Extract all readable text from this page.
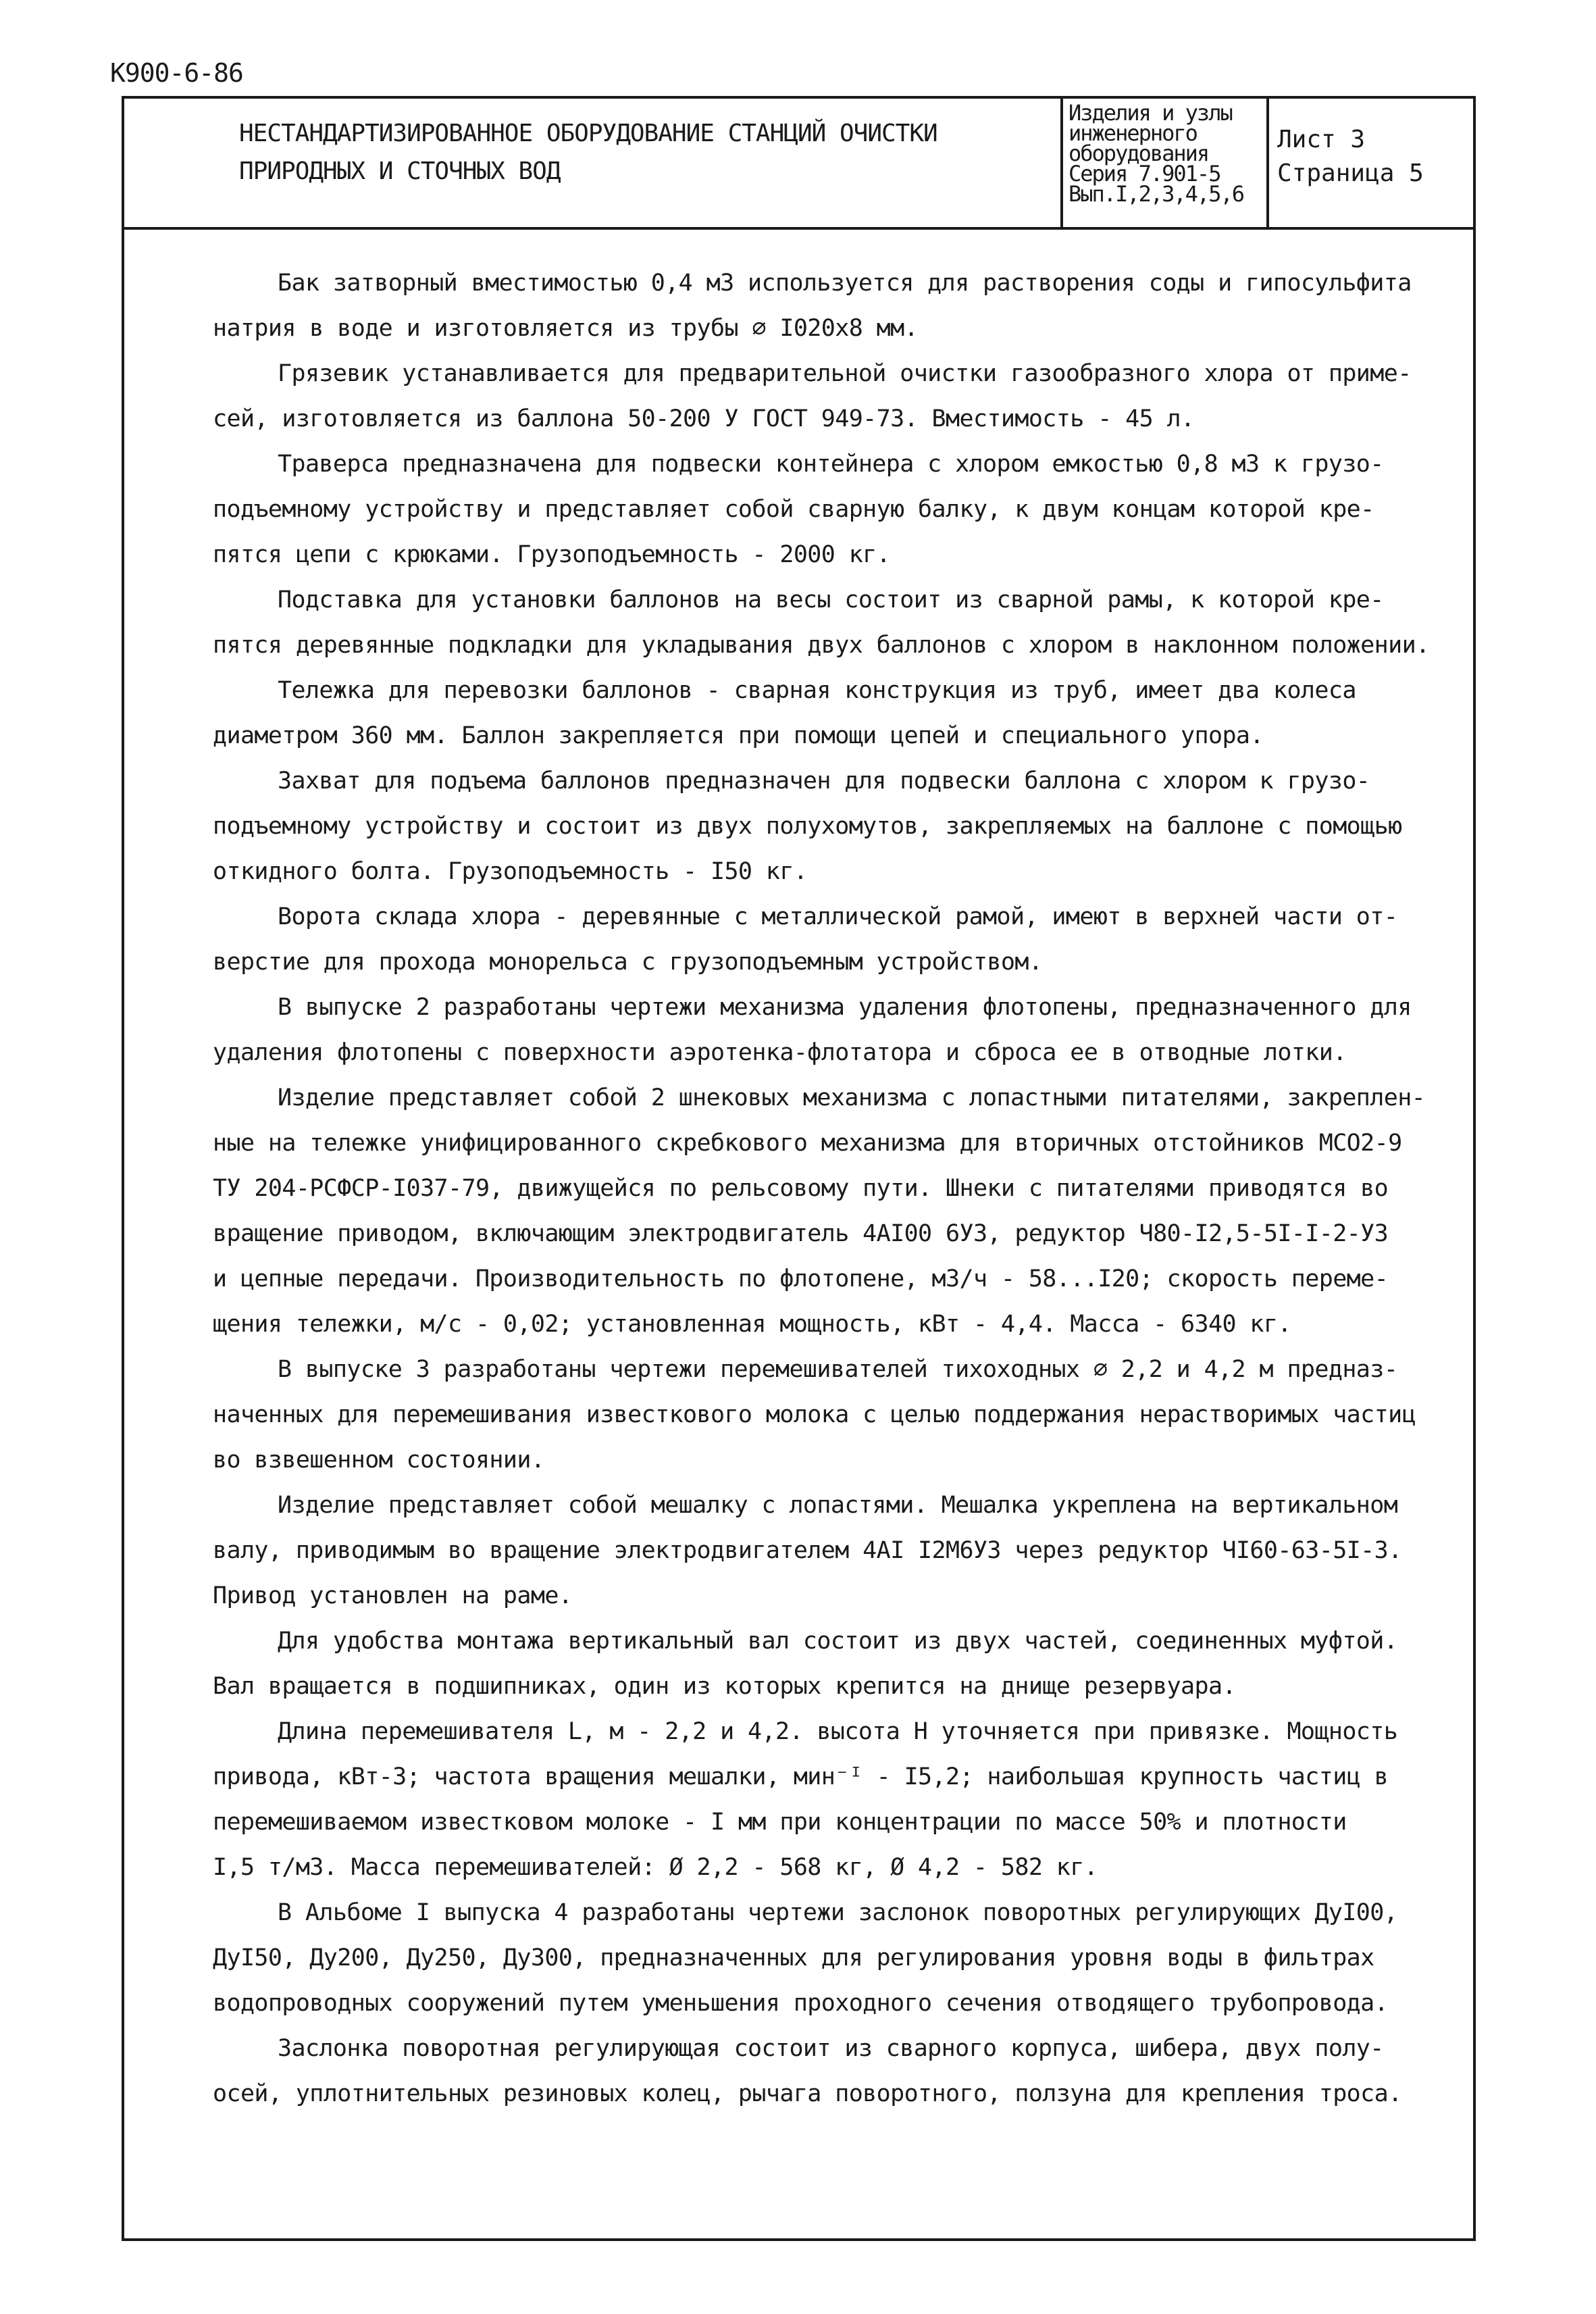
К900-6-86
НЕСТАНДАРТИЗИРОВАННОЕ ОБОРУДОВАНИЕ СТАНЦИЙ ОЧИСТКИ
ПРИРОДНЫХ И СТОЧНЫХ ВОД
Изделия и узлы
инженерного
оборудования
Серия 7.901-5
Вып.I,2,3,4,5,6
Лист 3
Страница 5
Бак затворный вместимостью 0,4 м3 используется для растворения соды и гипосульфита
натрия в воде и изготовляется из трубы ∅ I020x8 мм.
Грязевик устанавливается для предварительной очистки газообразного хлора от приме-
сей, изготовляется из баллона 50-200 У ГОСТ 949-73. Вместимость - 45 л.
Траверса предназначена для подвески контейнера с хлором емкостью 0,8 м3 к грузо-
подъемному устройству и представляет собой сварную балку, к двум концам которой кре-
пятся цепи с крюками. Грузоподъемность - 2000 кг.
Подставка для установки баллонов на весы состоит из сварной рамы, к которой кре-
пятся деревянные подкладки для укладывания двух баллонов с хлором в наклонном положении.
Тележка для перевозки баллонов - сварная конструкция из труб, имеет два колеса
диаметром 360 мм. Баллон закрепляется при помощи цепей и специального упора.
Захват для подъема баллонов предназначен для подвески баллона с хлором к грузо-
подъемному устройству и состоит из двух полухомутов, закрепляемых на баллоне с помощью
откидного болта. Грузоподъемность - I50 кг.
Ворота склада хлора - деревянные с металлической рамой, имеют в верхней части от-
верстие для прохода монорельса с грузоподъемным устройством.
В выпуске 2 разработаны чертежи механизма удаления флотопены, предназначенного для
удаления флотопены с поверхности аэротенка-флотатора и сброса ее в отводные лотки.
Изделие представляет собой 2 шнековых механизма с лопастными питателями, закреплен-
ные на тележке унифицированного скребкового механизма для вторичных отстойников МСО2-9
ТУ 204-РСФСР-I037-79, движущейся по рельсовому пути. Шнеки с питателями приводятся во
вращение приводом, включающим электродвигатель 4АI00 6У3, редуктор Ч80-I2,5-5I-I-2-У3
и цепные передачи. Производительность по флотопене, м3/ч - 58...I20; скорость переме-
щения тележки, м/с - 0,02; установленная мощность, кВт - 4,4. Масса - 6340 кг.
В выпуске 3 разработаны чертежи перемешивателей тихоходных ∅ 2,2 и 4,2 м предназ-
наченных для перемешивания известкового молока с целью поддержания нерастворимых частиц
во взвешенном состоянии.
Изделие представляет собой мешалку с лопастями. Мешалка укреплена на вертикальном
валу, приводимым во вращение электродвигателем 4АI I2М6У3 через редуктор ЧI60-63-5I-3.
Привод установлен на раме.
Для удобства монтажа вертикальный вал состоит из двух частей, соединенных муфтой.
Вал вращается в подшипниках, один из которых крепится на днище резервуара.
Длина перемешивателя L, м - 2,2 и 4,2. высота Н уточняется при привязке. Мощность
привода, кВт-3; частота вращения мешалки, мин⁻ᴵ - I5,2; наибольшая крупность частиц в
перемешиваемом известковом молоке - I мм при концентрации по массе 50% и плотности
I,5 т/м3. Масса перемешивателей: Ø 2,2 - 568 кг, Ø 4,2 - 582 кг.
В Альбоме I выпуска 4 разработаны чертежи заслонок поворотных регулирующих ДуI00,
ДуI50, Ду200, Ду250, Ду300, предназначенных для регулирования уровня воды в фильтрах
водопроводных сооружений путем уменьшения проходного сечения отводящего трубопровода.
Заслонка поворотная регулирующая состоит из сварного корпуса, шибера, двух полу-
осей, уплотнительных резиновых колец, рычага поворотного, ползуна для крепления троса.
